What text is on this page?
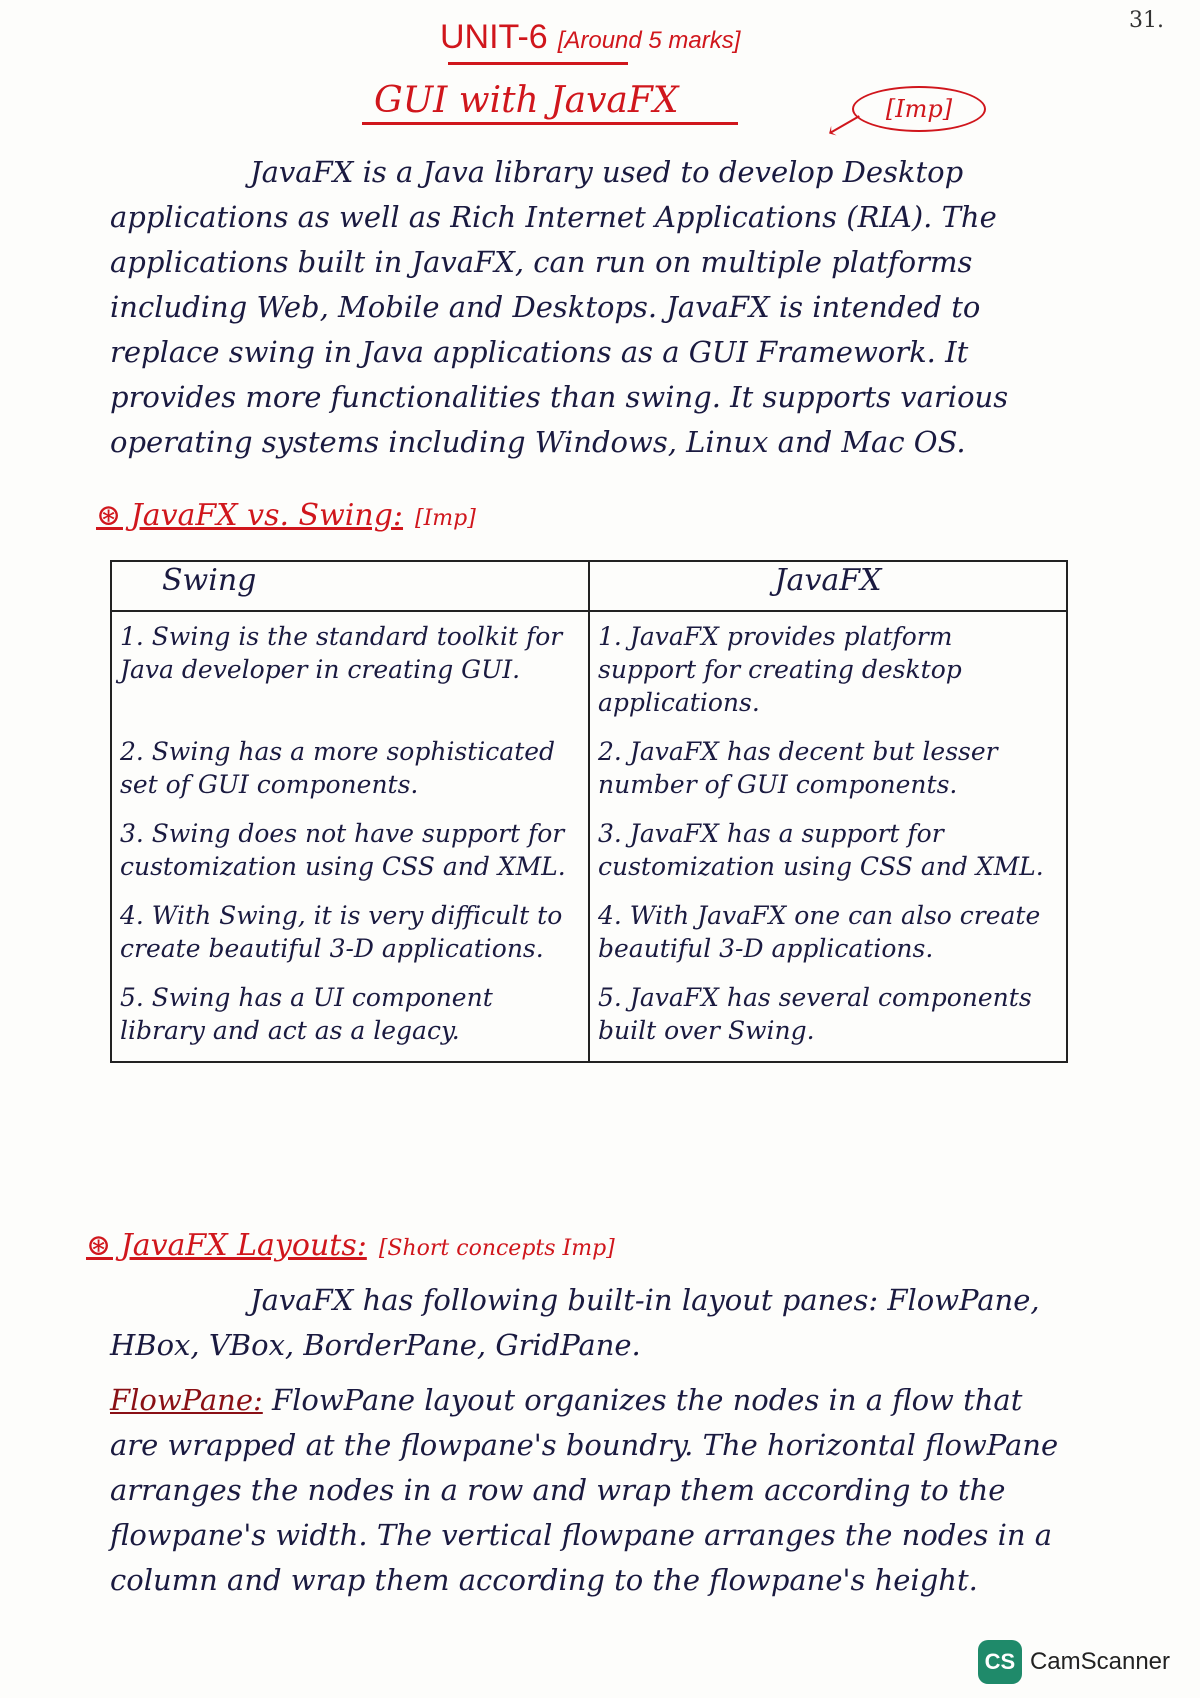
31.
UNIT-6 [Around 5 marks]
GUI with JavaFX
⟵ [Imp]

JavaFX is a Java library used to develop Desktop applications as well as Rich Internet Applications (RIA). The applications built in JavaFX, can run on multiple platforms including Web, Mobile and Desktops. JavaFX is intended to replace swing in Java applications as a GUI Framework. It provides more functionalities than swing. It supports various operating systems including Windows, Linux and Mac OS.

⊛ JavaFX vs. Swing: [Imp]
Swing	JavaFX
1. Swing is the standard toolkit for Java developer in creating GUI.	1. JavaFX provides platform support for creating desktop applications.
2. Swing has a more sophisticated set of GUI components.	2. JavaFX has decent but lesser number of GUI components.
3. Swing does not have support for customization using CSS and XML.	3. JavaFX has a support for customization using CSS and XML.
4. With Swing, it is very difficult to create beautiful 3-D applications.	4. With JavaFX one can also create beautiful 3-D applications.
5. Swing has a UI component library and act as a legacy.	5. JavaFX has several components built over Swing.
⊛ JavaFX Layouts: [Short concepts Imp]

JavaFX has following built-in layout panes: FlowPane, HBox, VBox, BorderPane, GridPane.

FlowPane: FlowPane layout organizes the nodes in a flow that are wrapped at the flowpane's boundry. The horizontal flowPane arranges the nodes in a row and wrap them according to the flowpane's width. The vertical flowpane arranges the nodes in a column and wrap them according to the flowpane's height.

CS CamScanner
